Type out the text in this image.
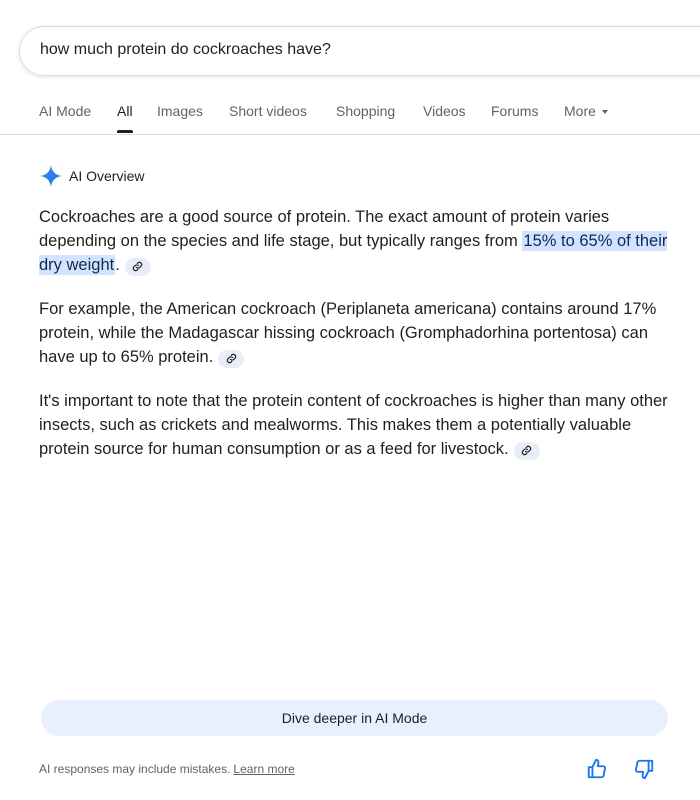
how much protein do cockroaches have?
AI Mode All Images Short videos Shopping Videos Forums More
AI Overview

Cockroaches are a good source of protein. The exact amount of protein varies depending on the species and life stage, but typically ranges from 15% to 65% of their dry weight.

For example, the American cockroach (Periplaneta americana) contains around 17% protein, while the Madagascar hissing cockroach (Gromphadorhina portentosa) can have up to 65% protein.

It's important to note that the protein content of cockroaches is higher than many other insects, such as crickets and mealworms. This makes them a potentially valuable protein source for human consumption or as a feed for livestock.

Dive deeper in AI Mode
AI responses may include mistakes. Learn more
